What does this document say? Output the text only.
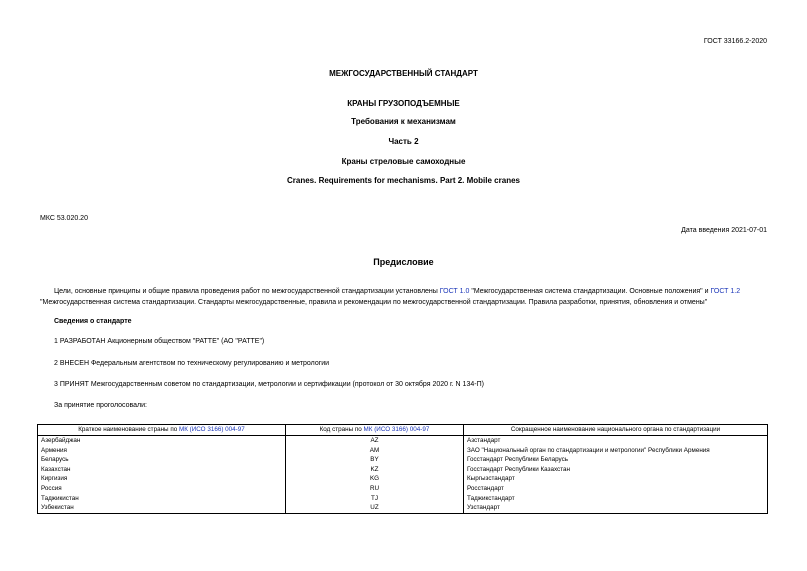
ГОСТ 33166.2-2020
МЕЖГОСУДАРСТВЕННЫЙ СТАНДАРТ
КРАНЫ ГРУЗОПОДЪЕМНЫЕ
Требования к механизмам
Часть 2
Краны стреловые самоходные
Cranes. Requirements for mechanisms. Part 2. Mobile cranes
МКС 53.020.20
Дата введения 2021-07-01
Предисловие
Цели, основные принципы и общие правила проведения работ по межгосударственной стандартизации установлены ГОСТ 1.0 "Межгосударственная система стандартизации. Основные положения" и ГОСТ 1.2 "Межгосударственная система стандартизации. Стандарты межгосударственные, правила и рекомендации по межгосударственной стандартизации. Правила разработки, принятия, обновления и отмены"
Сведения о стандарте
1 РАЗРАБОТАН Акционерным обществом "РАТТЕ" (АО "РАТТЕ")
2 ВНЕСЕН Федеральным агентством по техническому регулированию и метрологии
3 ПРИНЯТ Межгосударственным советом по стандартизации, метрологии и сертификации (протокол от 30 октября 2020 г. N 134-П)
За принятие проголосовали:
Краткое наименование страны по МК (ИСО 3166) 004-97	Код страны по МК (ИСО 3166) 004-97	Сокращенное наименование национального органа по стандартизации
Азербайджан	AZ	Азстандарт
Армения	AM	ЗАО "Национальный орган по стандартизации и метрологии" Республики Армения
Беларусь	BY	Госстандарт Республики Беларусь
Казахстан	KZ	Госстандарт Республики Казахстан
Киргизия	KG	Кыргызстандарт
Россия	RU	Росстандарт
Таджикистан	TJ	Таджикстандарт
Узбекистан	UZ	Узстандарт
